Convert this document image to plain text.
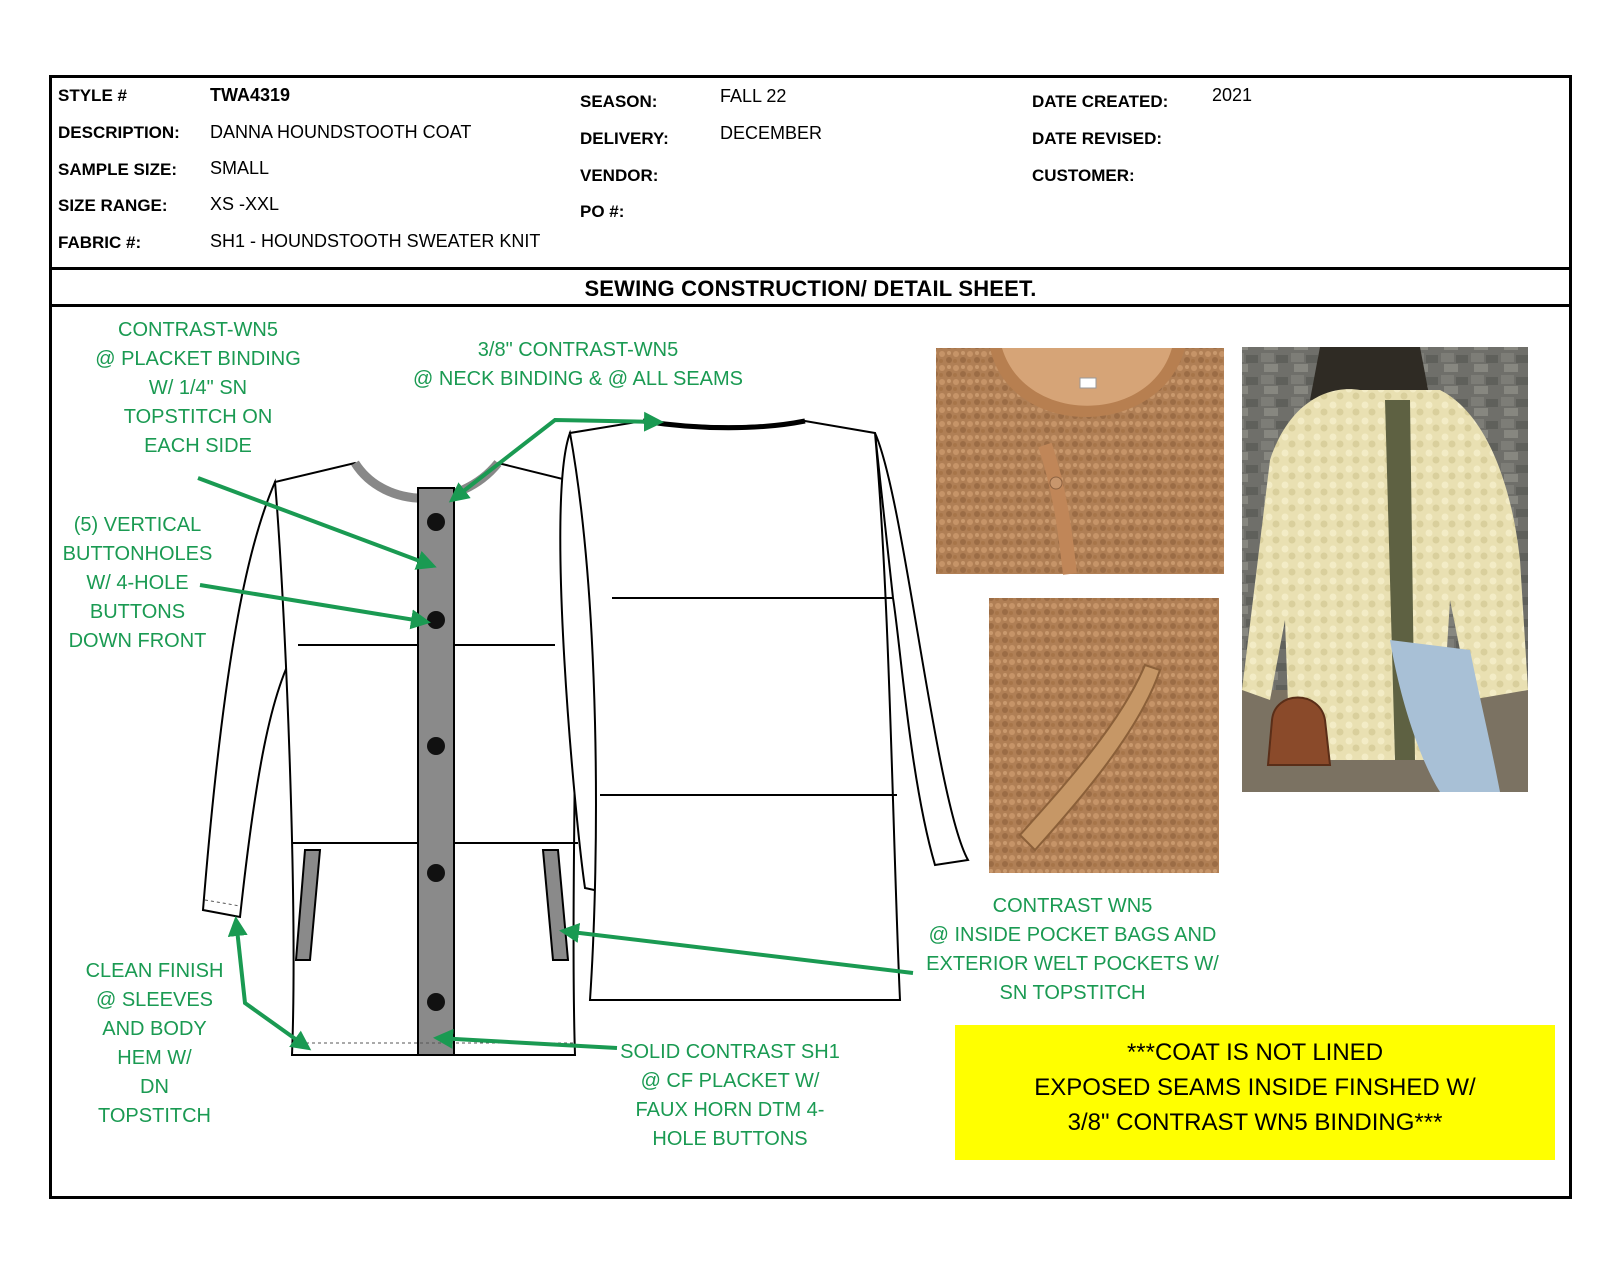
STYLE #	TWA4319
DESCRIPTION: DANNA HOUNDSTOOTH COAT
SAMPLE SIZE: SMALL
SIZE RANGE: XS -XXL
FABRIC #:	SH1 - HOUNDSTOOTH SWEATER KNIT
SEASON:	FALL 22
DELIVERY:	DECEMBER
VENDOR:
PO #:
DATE CREATED: 2021
DATE REVISED:
CUSTOMER:
SEWING CONSTRUCTION/ DETAIL SHEET.
CONTRAST-WN5
@ PLACKET BINDING
W/ 1/4" SN
TOPSTITCH ON
EACH SIDE
3/8" CONTRAST-WN5
@ NECK BINDING & @ ALL SEAMS
(5) VERTICAL
BUTTONHOLES
W/ 4-HOLE
BUTTONS
DOWN FRONT
CLEAN FINISH
@ SLEEVES
AND BODY
HEM W/
DN
TOPSTITCH
SOLID CONTRAST SH1
@ CF PLACKET W/
FAUX HORN DTM 4-
HOLE BUTTONS
CONTRAST WN5
@ INSIDE POCKET BAGS AND
EXTERIOR WELT POCKETS W/
SN TOPSTITCH
***COAT IS NOT LINED
EXPOSED SEAMS INSIDE FINSHED W/
3/8" CONTRAST WN5 BINDING***
